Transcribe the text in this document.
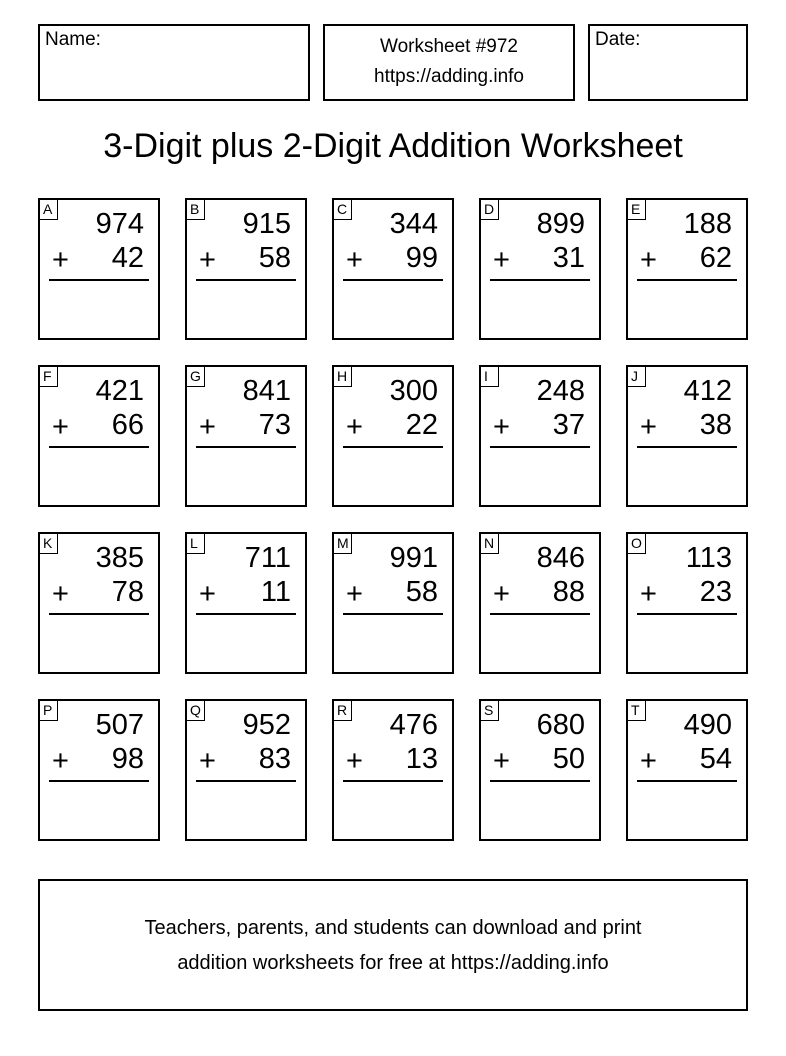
Name:	Worksheet #972
https://adding.info
Date:
3-Digit plus 2-Digit Addition Worksheet
A 974
+ 42
B 915
+ 58
C 344
+ 99
D 899
+ 31
E 188
+ 62
F 421
+ 66
G 841
+ 73
H 300
+ 22
I	248
+ 37
J 412
+ 38
K 385
+ 78
L 711
+ 11
M 991
+ 58
N 846
+ 88
O 113
+ 23
P 507
+ 98
Q 952
+ 83
R 476
+ 13
S 680
+ 50
T 490
+ 54
Teachers, parents, and students can download and print
addition worksheets for free at https://adding.info
